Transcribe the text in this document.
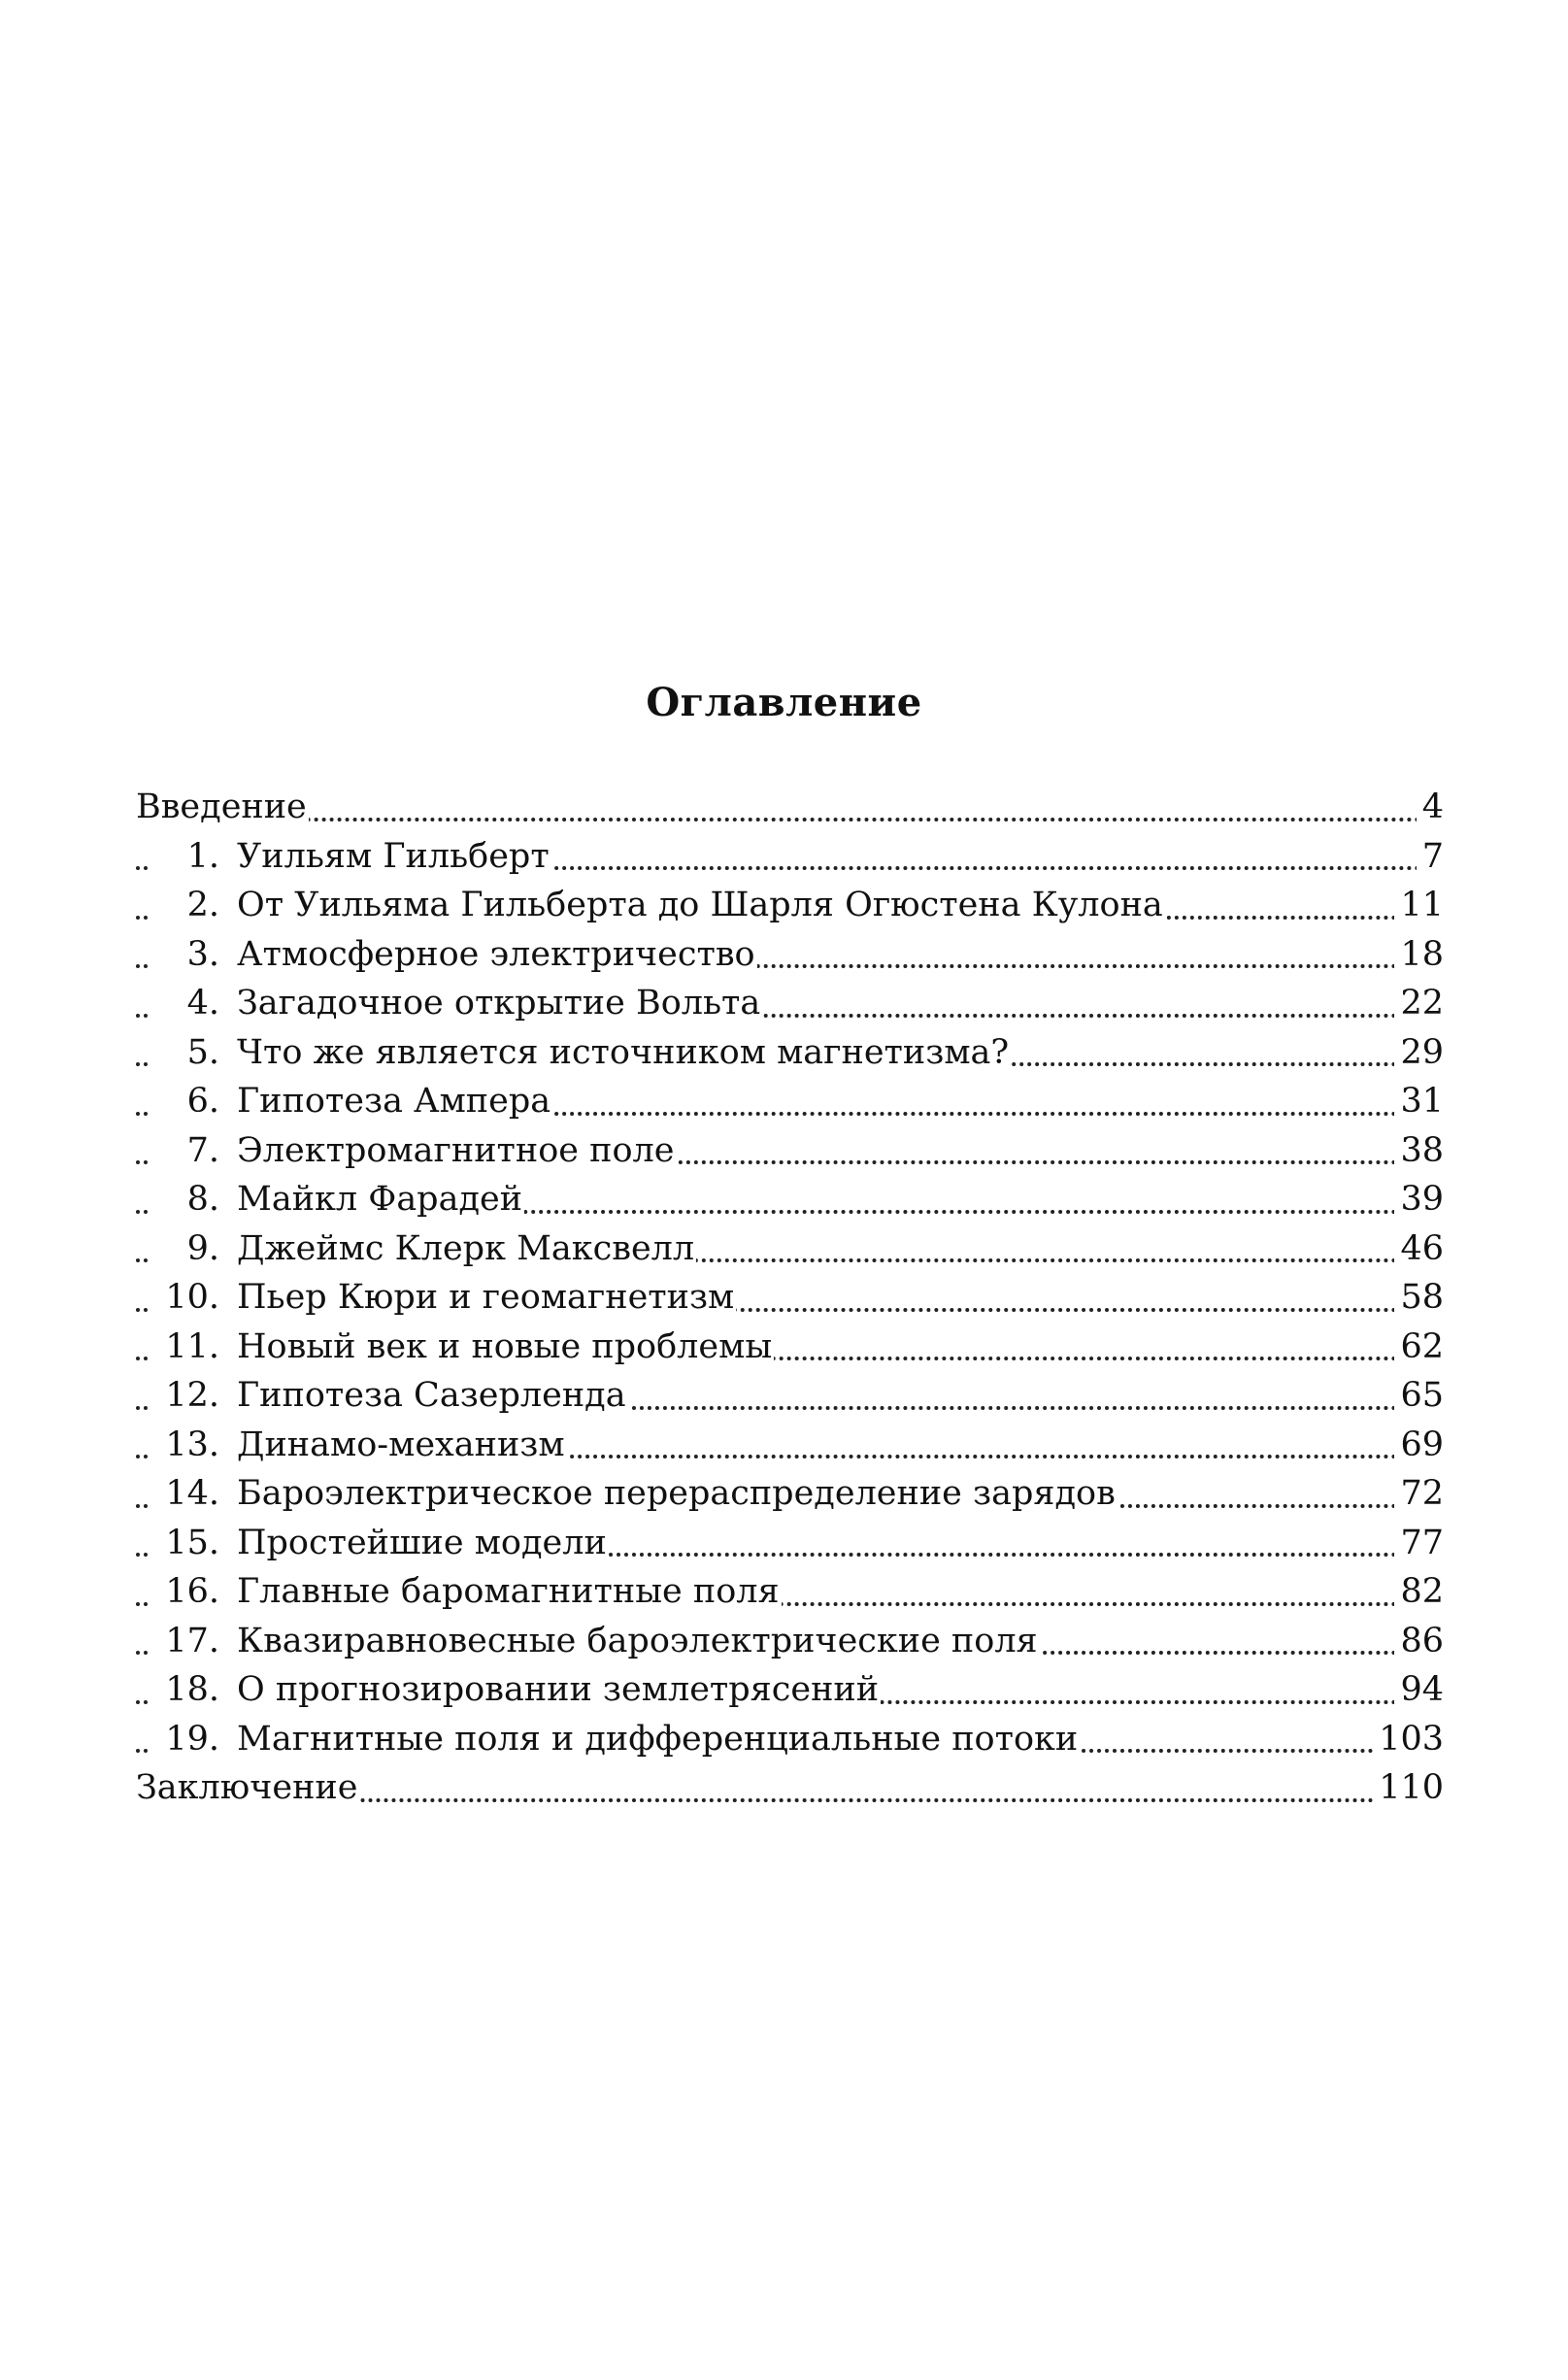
Оглавление
Введение	4
1. Уильям Гильберт	7
2. От Уильяма Гильберта до Шарля Огюстена Кулона	11
3. Атмосферное электричество	18
4. Загадочное открытие Вольта	22
5. Что же является источником магнетизма?	29
6. Гипотеза Ампера	31
7. Электромагнитное поле	38
8. Майкл Фарадей	39
9. Джеймс Клерк Максвелл	46
10. Пьер Кюри и геомагнетизм	58
11. Новый век и новые проблемы	62
12. Гипотеза Сазерленда	65
13. Динамо-механизм	69
14. Бароэлектрическое перераспределение зарядов	72
15. Простейшие модели	77
16. Главные баромагнитные поля	82
17. Квазиравновесные бароэлектрические поля	86
18. О прогнозировании землетрясений	94
19. Магнитные поля и дифференциальные потоки	103
Заключение	110
